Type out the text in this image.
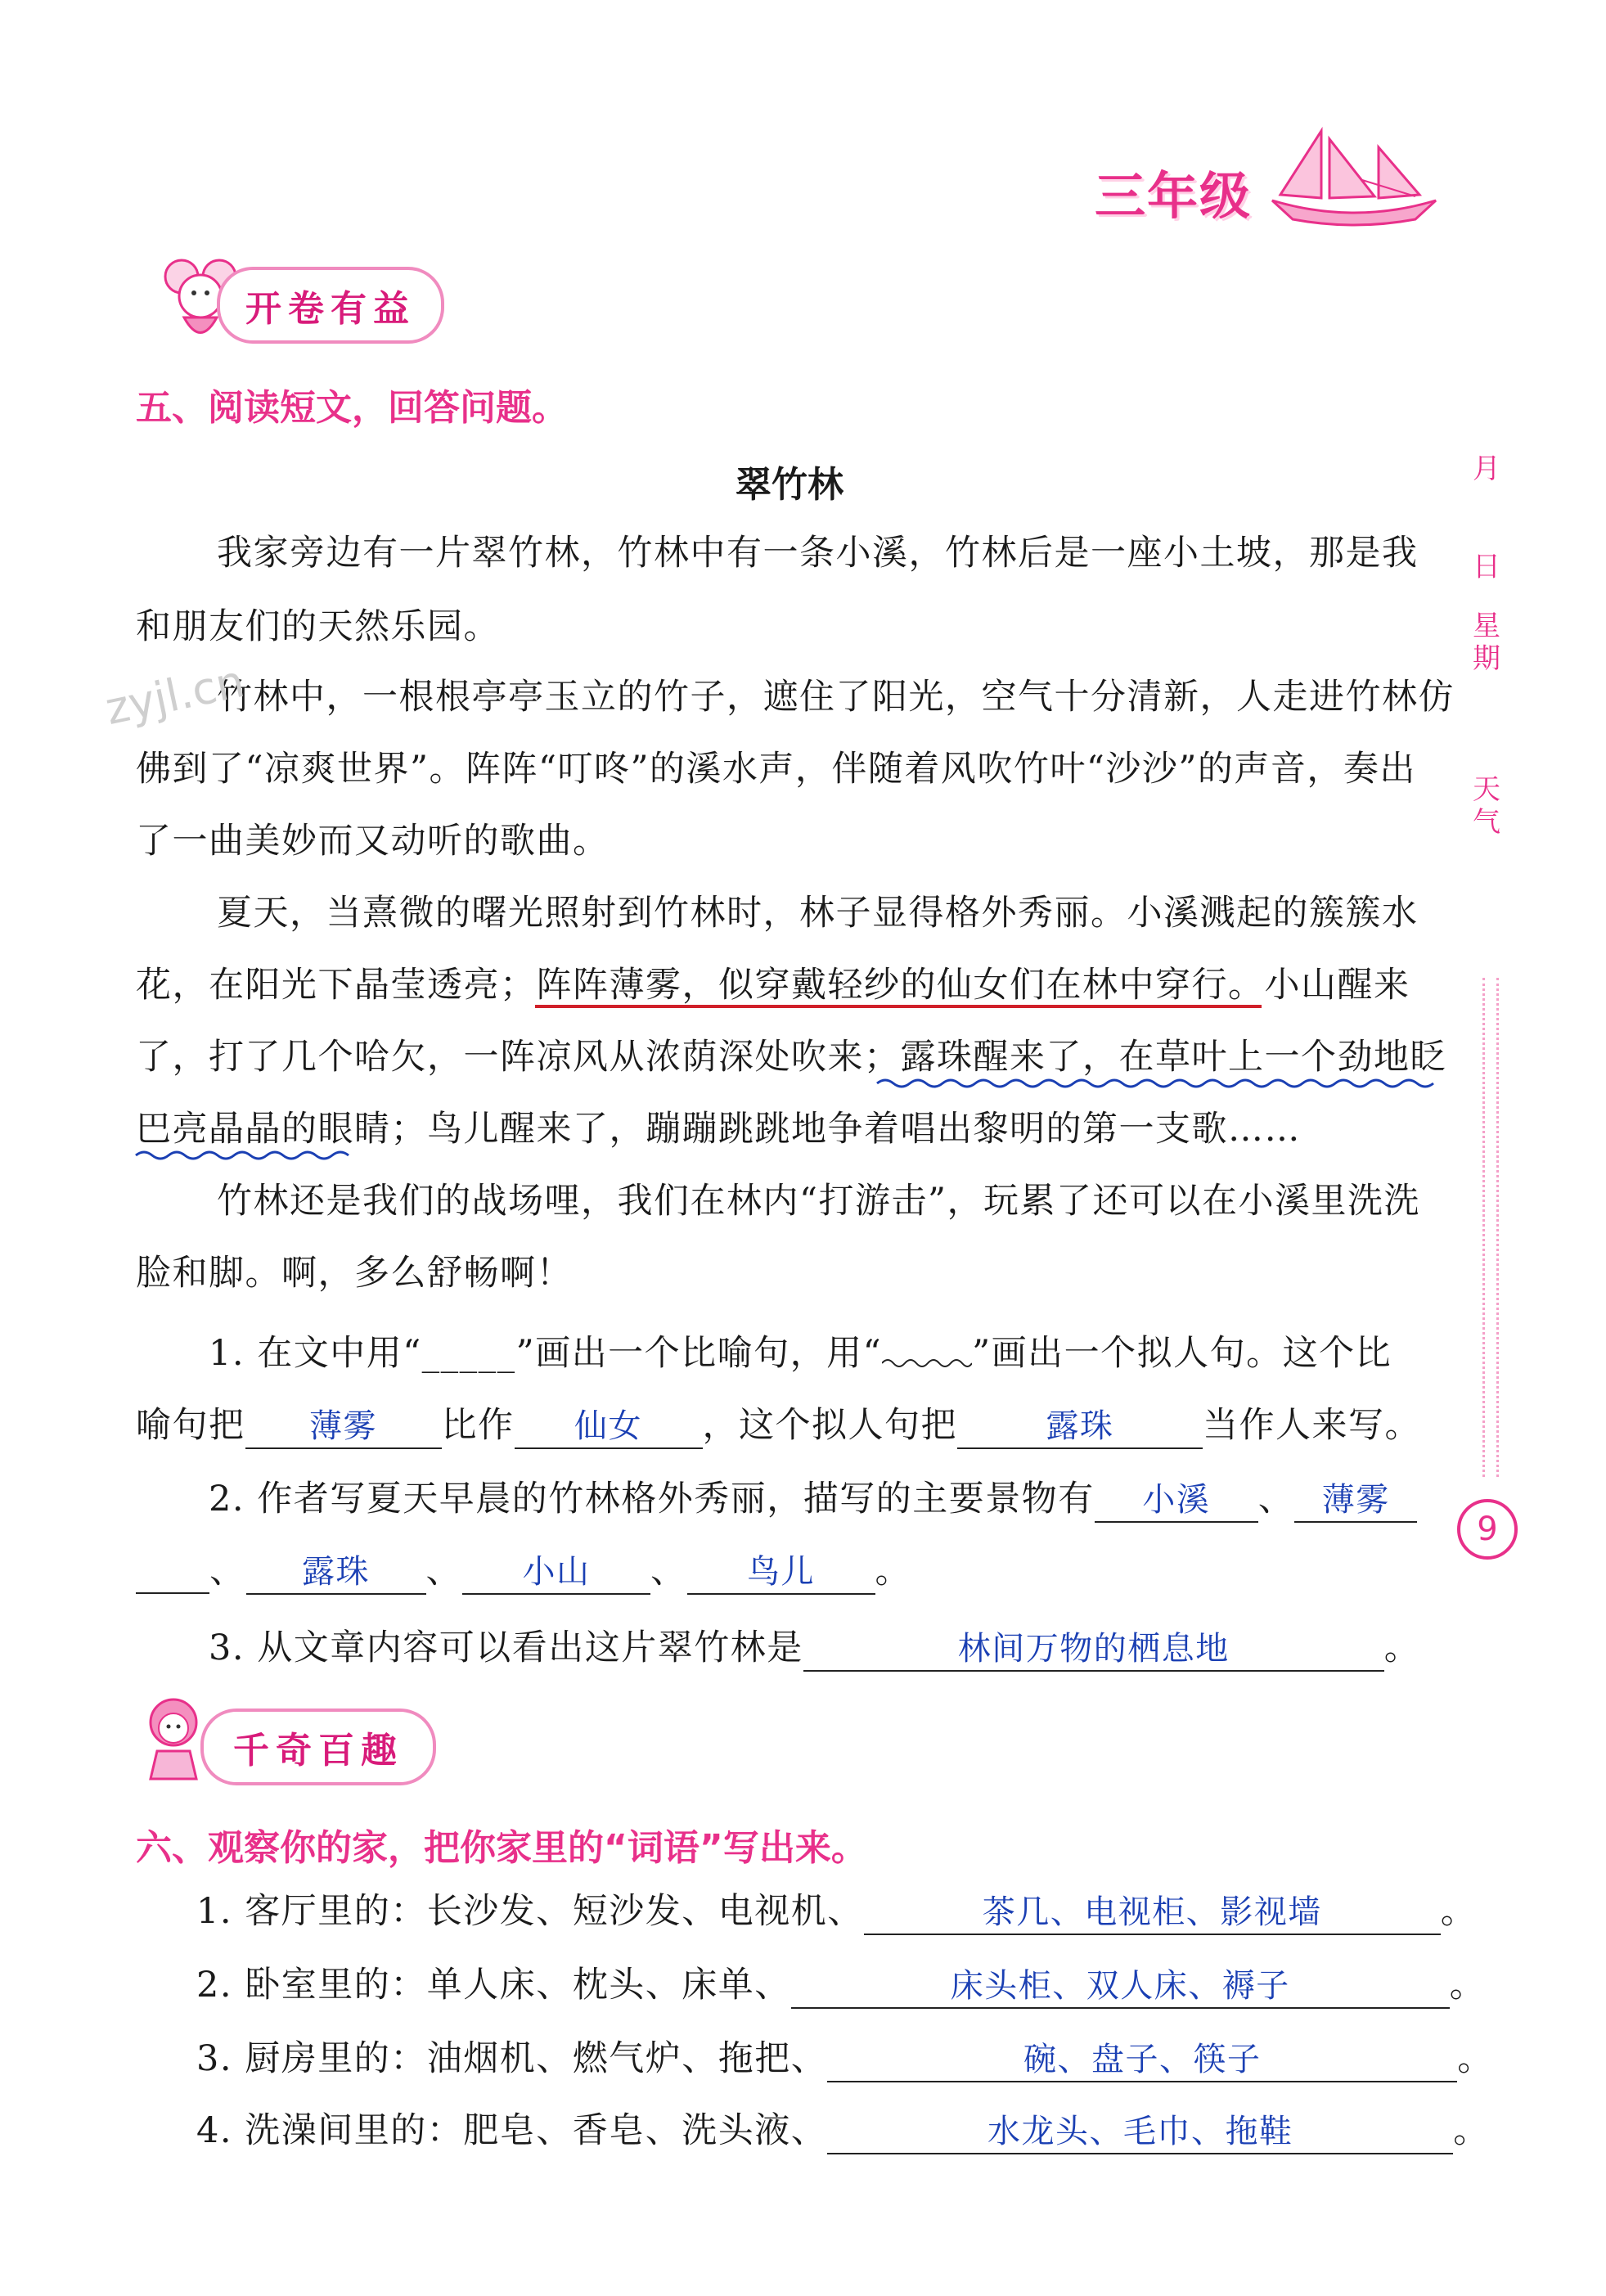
三年级
开卷有益
五、阅读短文，回答问题。
翠竹林
我家旁边有一片翠竹林，竹林中有一条小溪，竹林后是一座小土坡，那是我
和朋友们的天然乐园。
竹林中，一根根亭亭玉立的竹子，遮住了阳光，空气十分清新，人走进竹林仿
佛到了“凉爽世界”。阵阵“叮咚”的溪水声，伴随着风吹竹叶“沙沙”的声音，奏出
了一曲美妙而又动听的歌曲。
夏天，当熹微的曙光照射到竹林时，林子显得格外秀丽。小溪溅起的簇簇水
花，在阳光下晶莹透亮；阵阵薄雾，似穿戴轻纱的仙女们在林中穿行。小山醒来
了，打了几个哈欠，一阵凉风从浓荫深处吹来；露珠醒来了，在草叶上一个劲地眨
巴亮晶晶的眼睛；鸟儿醒来了，蹦蹦跳跳地争着唱出黎明的第一支歌……
竹林还是我们的战场哩，我们在林内“打游击”，玩累了还可以在小溪里洗洗
脸和脚。啊，多么舒畅啊！
1. 在文中用“_____”画出一个比喻句，用“	”画出一个拟人句。这个比
喻句把 薄雾 比作 仙女 ，这个拟人句把	露珠	当作人来写。
2. 作者写夏天早晨的竹林格外秀丽，描写的主要景物有 小溪 、 薄雾
、 露珠 、 小山 、 鸟儿 。
3. 从文章内容可以看出这片翠竹林是	林间万物的栖息地	。
千奇百趣
六、观察你的家，把你家里的“词语”写出来。
1. 客厅里的：长沙发、短沙发、电视机、	茶几、电视柜、影视墙	。
2. 卧室里的：单人床、枕头、床单、	床头柜、双人床、褥子	。
3. 厨房里的：油烟机、燃气炉、拖把、	碗、盘子、筷子	。
4. 洗澡间里的：肥皂、香皂、洗头液、	水龙头、毛巾、拖鞋	。
月
日
星期
天气
9
zyjl.cn
